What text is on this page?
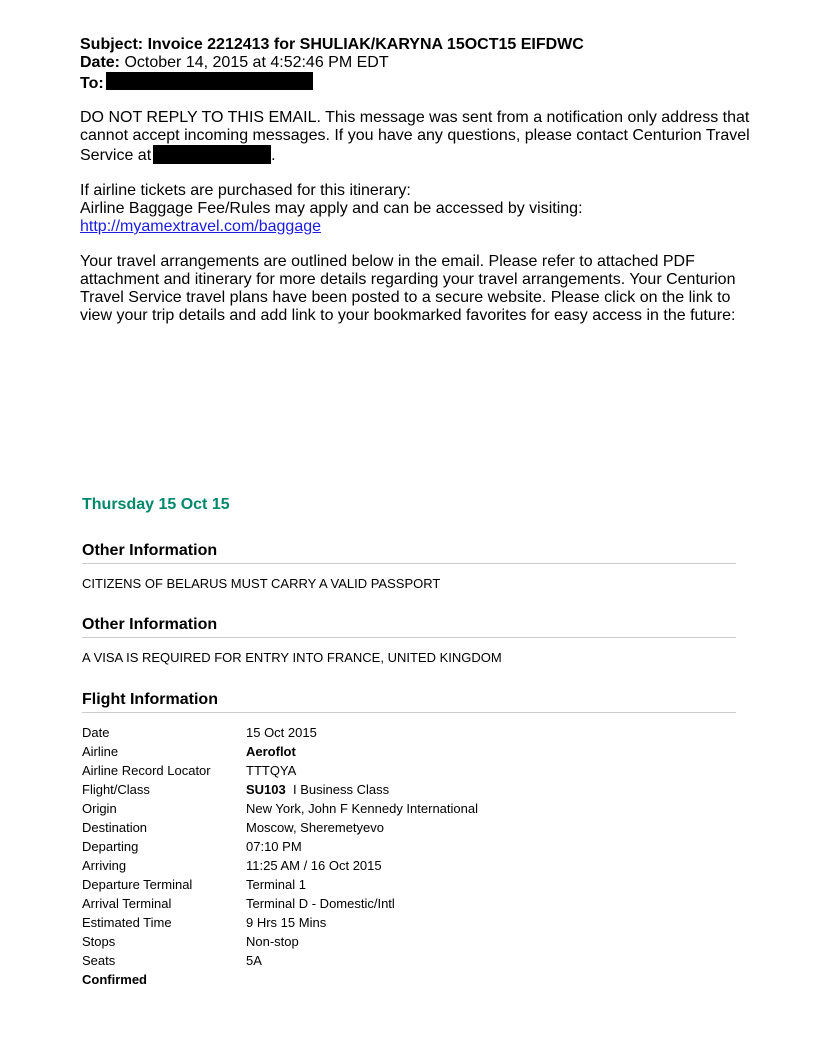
Subject: Invoice 2212413 for SHULIAK/KARYNA 15OCT15 EIFDWC
Date: October 14, 2015 at 4:52:46 PM EDT
To:
DO NOT REPLY TO THIS EMAIL. This message was sent from a notification only address that cannot accept incoming messages. If you have any questions, please contact Centurion Travel Service at	.
If airline tickets are purchased for this itinerary:
Airline Baggage Fee/Rules may apply and can be accessed by visiting:
http://myamextravel.com/baggage
Your travel arrangements are outlined below in the email. Please refer to attached PDF attachment and itinerary for more details regarding your travel arrangements. Your Centurion Travel Service travel plans have been posted to a secure website. Please click on the link to view your trip details and add link to your bookmarked favorites for easy access in the future:
Thursday 15 Oct 15
Other Information
CITIZENS OF BELARUS MUST CARRY A VALID PASSPORT
Other Information
A VISA IS REQUIRED FOR ENTRY INTO FRANCE, UNITED KINGDOM
Flight Information
Date	15 Oct 2015
Airline	Aeroflot
Airline Record Locator	TTTQYA
Flight/Class	SU103 I Business Class
Origin	New York, John F Kennedy International
Destination	Moscow, Sheremetyevo
Departing	07:10 PM
Arriving	11:25 AM / 16 Oct 2015
Departure Terminal	Terminal 1
Arrival Terminal	Terminal D - Domestic/Intl
Estimated Time	9 Hrs 15 Mins
Stops	Non-stop
Seats	5A
Confirmed
